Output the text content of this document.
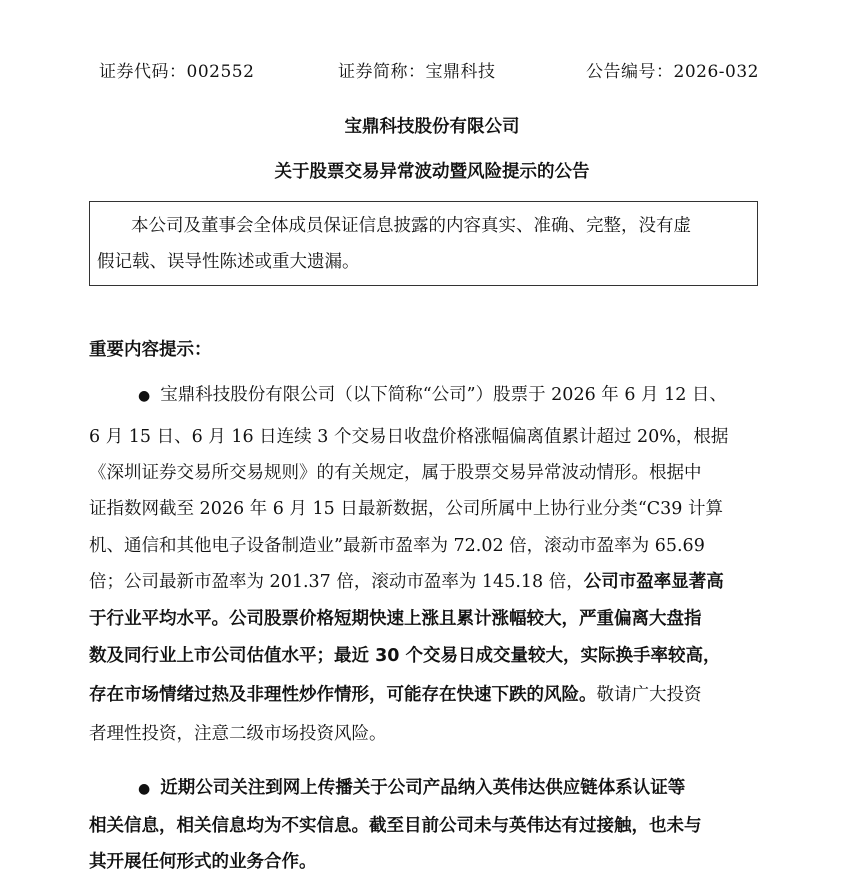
证券代码：002552	证券简称：宝鼎科技	公告编号：2026-032
宝鼎科技股份有限公司
关于股票交易异常波动暨风险提示的公告
本公司及董事会全体成员保证信息披露的内容真实、准确、完整，没有虚
假记载、误导性陈述或重大遗漏。
重要内容提示：
● 宝鼎科技股份有限公司（以下简称“公司”）股票于 2026 年 6 月 12 日、
6 月 15 日、6 月 16 日连续 3 个交易日收盘价格涨幅偏离值累计超过 20%，根据
《深圳证券交易所交易规则》的有关规定，属于股票交易异常波动情形。根据中
证指数网截至 2026 年 6 月 15 日最新数据，公司所属中上协行业分类“C39 计算
机、通信和其他电子设备制造业”最新市盈率为 72.02 倍，滚动市盈率为 65.69
倍；公司最新市盈率为 201.37 倍，滚动市盈率为 145.18 倍，公司市盈率显著高
于行业平均水平。公司股票价格短期快速上涨且累计涨幅较大，严重偏离大盘指
数及同行业上市公司估值水平；最近 30 个交易日成交量较大，实际换手率较高，
存在市场情绪过热及非理性炒作情形，可能存在快速下跌的风险。敬请广大投资
者理性投资，注意二级市场投资风险。
● 近期公司关注到网上传播关于公司产品纳入英伟达供应链体系认证等
相关信息，相关信息均为不实信息。截至目前公司未与英伟达有过接触，也未与
其开展任何形式的业务合作。
